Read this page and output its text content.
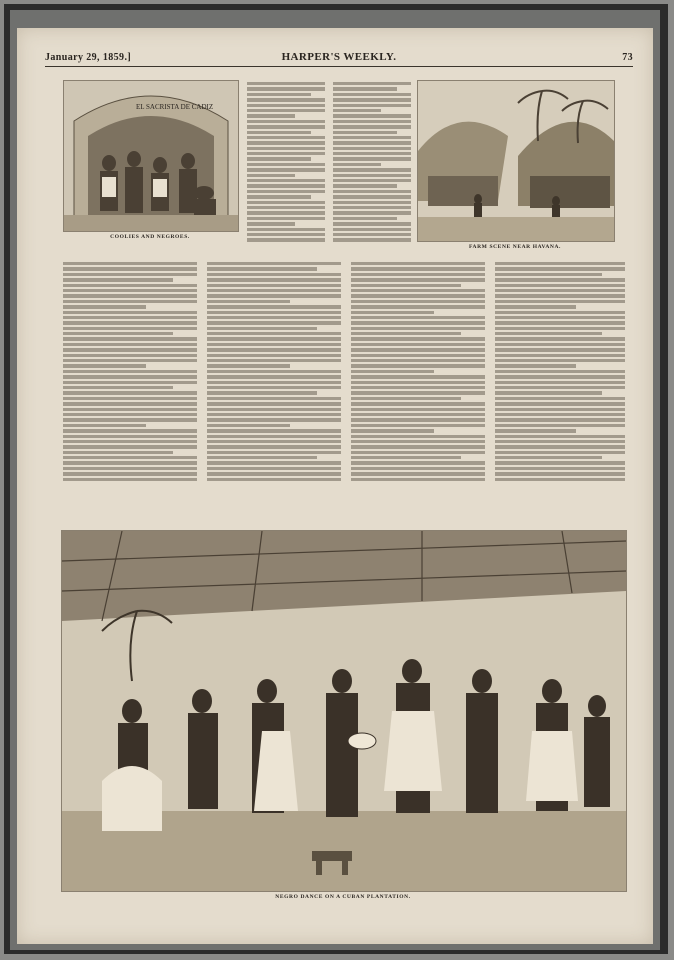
January 29, 1859.]	HARPER'S WEEKLY.	73
EL SACRISTA DE CADIZ
COOLIES AND NEGROES.
FARM SCENE NEAR HAVANA.
NEGRO DANCE ON A CUBAN PLANTATION.
